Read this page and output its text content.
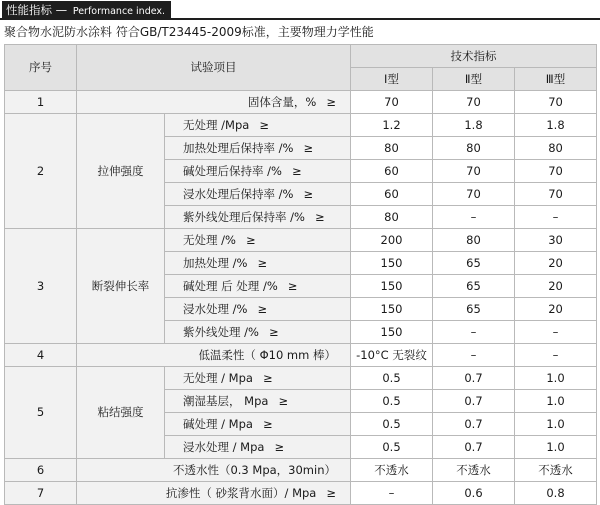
性能指标 — Performance index.
聚合物水泥防水涂料 符合GB/T23445-2009标准，主要物理力学性能
序号	试验项目		技术指标		
			Ⅰ型	Ⅱ型	Ⅲ型
1	固体含量，% ≥		70	70	70
2	拉伸强度	无处理 /Mpa ≥	1.2	1.8	1.8
		加热处理后保持率 /% ≥	80	80	80
		碱处理后保持率 /% ≥	60	70	70
		浸水处理后保持率 /% ≥	60	70	70
		紫外线处理后保持率 /% ≥	80	–	–
3	断裂伸长率	无处理 /% ≥	200	80	30
		加热处理 /% ≥	150	65	20
		碱处理 后 处理 /% ≥	150	65	20
		浸水处理 /% ≥	150	65	20
		紫外线处理 /% ≥	150	–	–
4	低温柔性（ Φ10 mm 棒）		-10°C 无裂纹	–	–
5	粘结强度	无处理 / Mpa ≥	0.5	0.7	1.0
		潮湿基层， Mpa ≥	0.5	0.7	1.0
		碱处理 / Mpa ≥	0.5	0.7	1.0
		浸水处理 / Mpa ≥	0.5	0.7	1.0
6	不透水性（0.3 Mpa，30min）		不透水	不透水	不透水
7	抗渗性（ 砂浆背水面）/ Mpa ≥		–	0.6	0.8
